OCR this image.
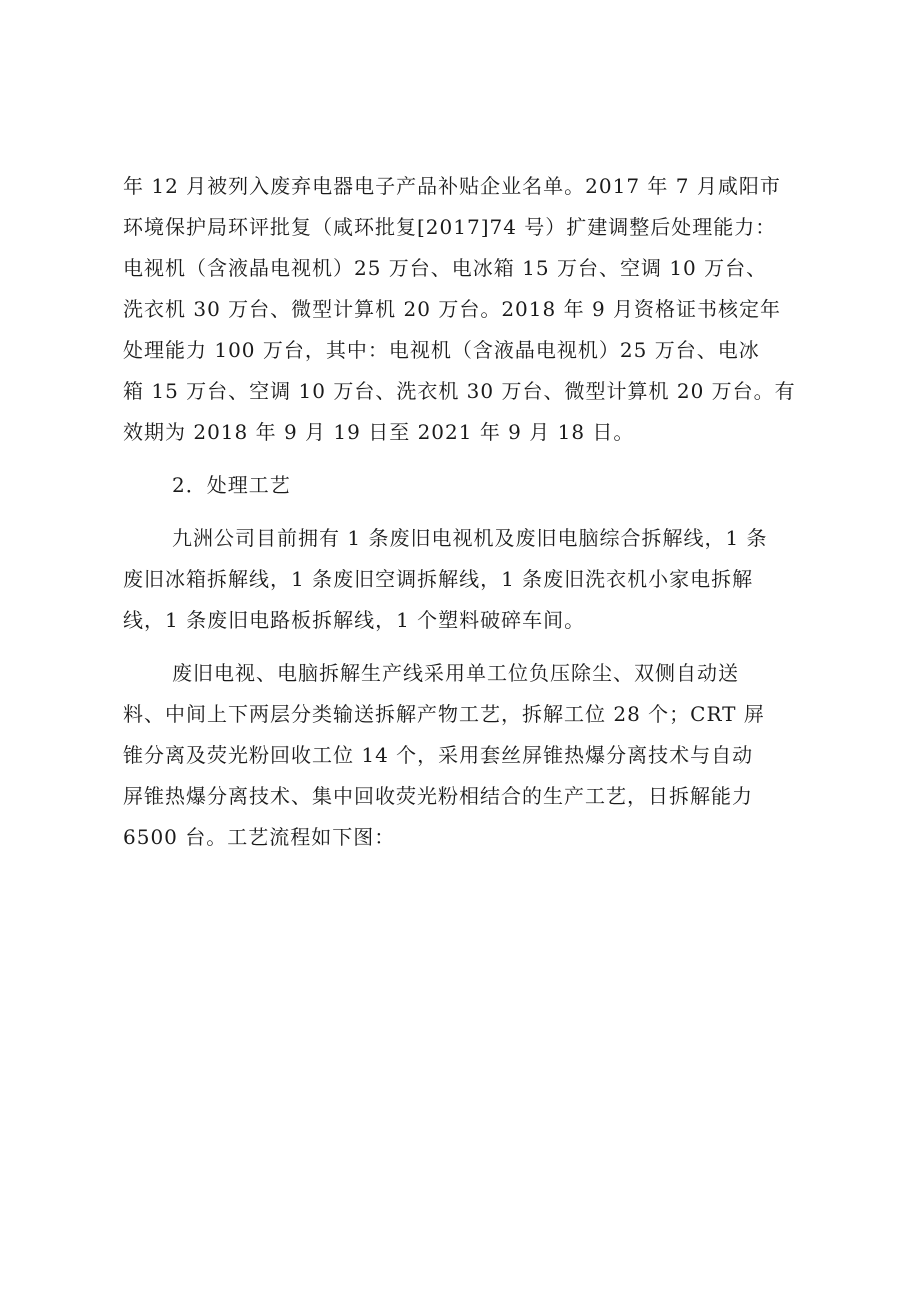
年 12 月被列入废弃电器电子产品补贴企业名单。2017 年 7 月咸阳市
环境保护局环评批复（咸环批复[2017]74 号）扩建调整后处理能力：
电视机（含液晶电视机）25 万台、电冰箱 15 万台、空调 10 万台、
洗衣机 30 万台、微型计算机 20 万台。2018 年 9 月资格证书核定年
处理能力 100 万台，其中：电视机（含液晶电视机）25 万台、电冰
箱 15 万台、空调 10 万台、洗衣机 30 万台、微型计算机 20 万台。有
效期为 2018 年 9 月 19 日至 2021 年 9 月 18 日。

2．处理工艺

九洲公司目前拥有 1 条废旧电视机及废旧电脑综合拆解线，1 条
废旧冰箱拆解线，1 条废旧空调拆解线，1 条废旧洗衣机小家电拆解
线，1 条废旧电路板拆解线，1 个塑料破碎车间。

废旧电视、电脑拆解生产线采用单工位负压除尘、双侧自动送
料、中间上下两层分类输送拆解产物工艺，拆解工位 28 个；CRT 屏
锥分离及荧光粉回收工位 14 个，采用套丝屏锥热爆分离技术与自动
屏锥热爆分离技术、集中回收荧光粉相结合的生产工艺，日拆解能力
6500 台。工艺流程如下图：
